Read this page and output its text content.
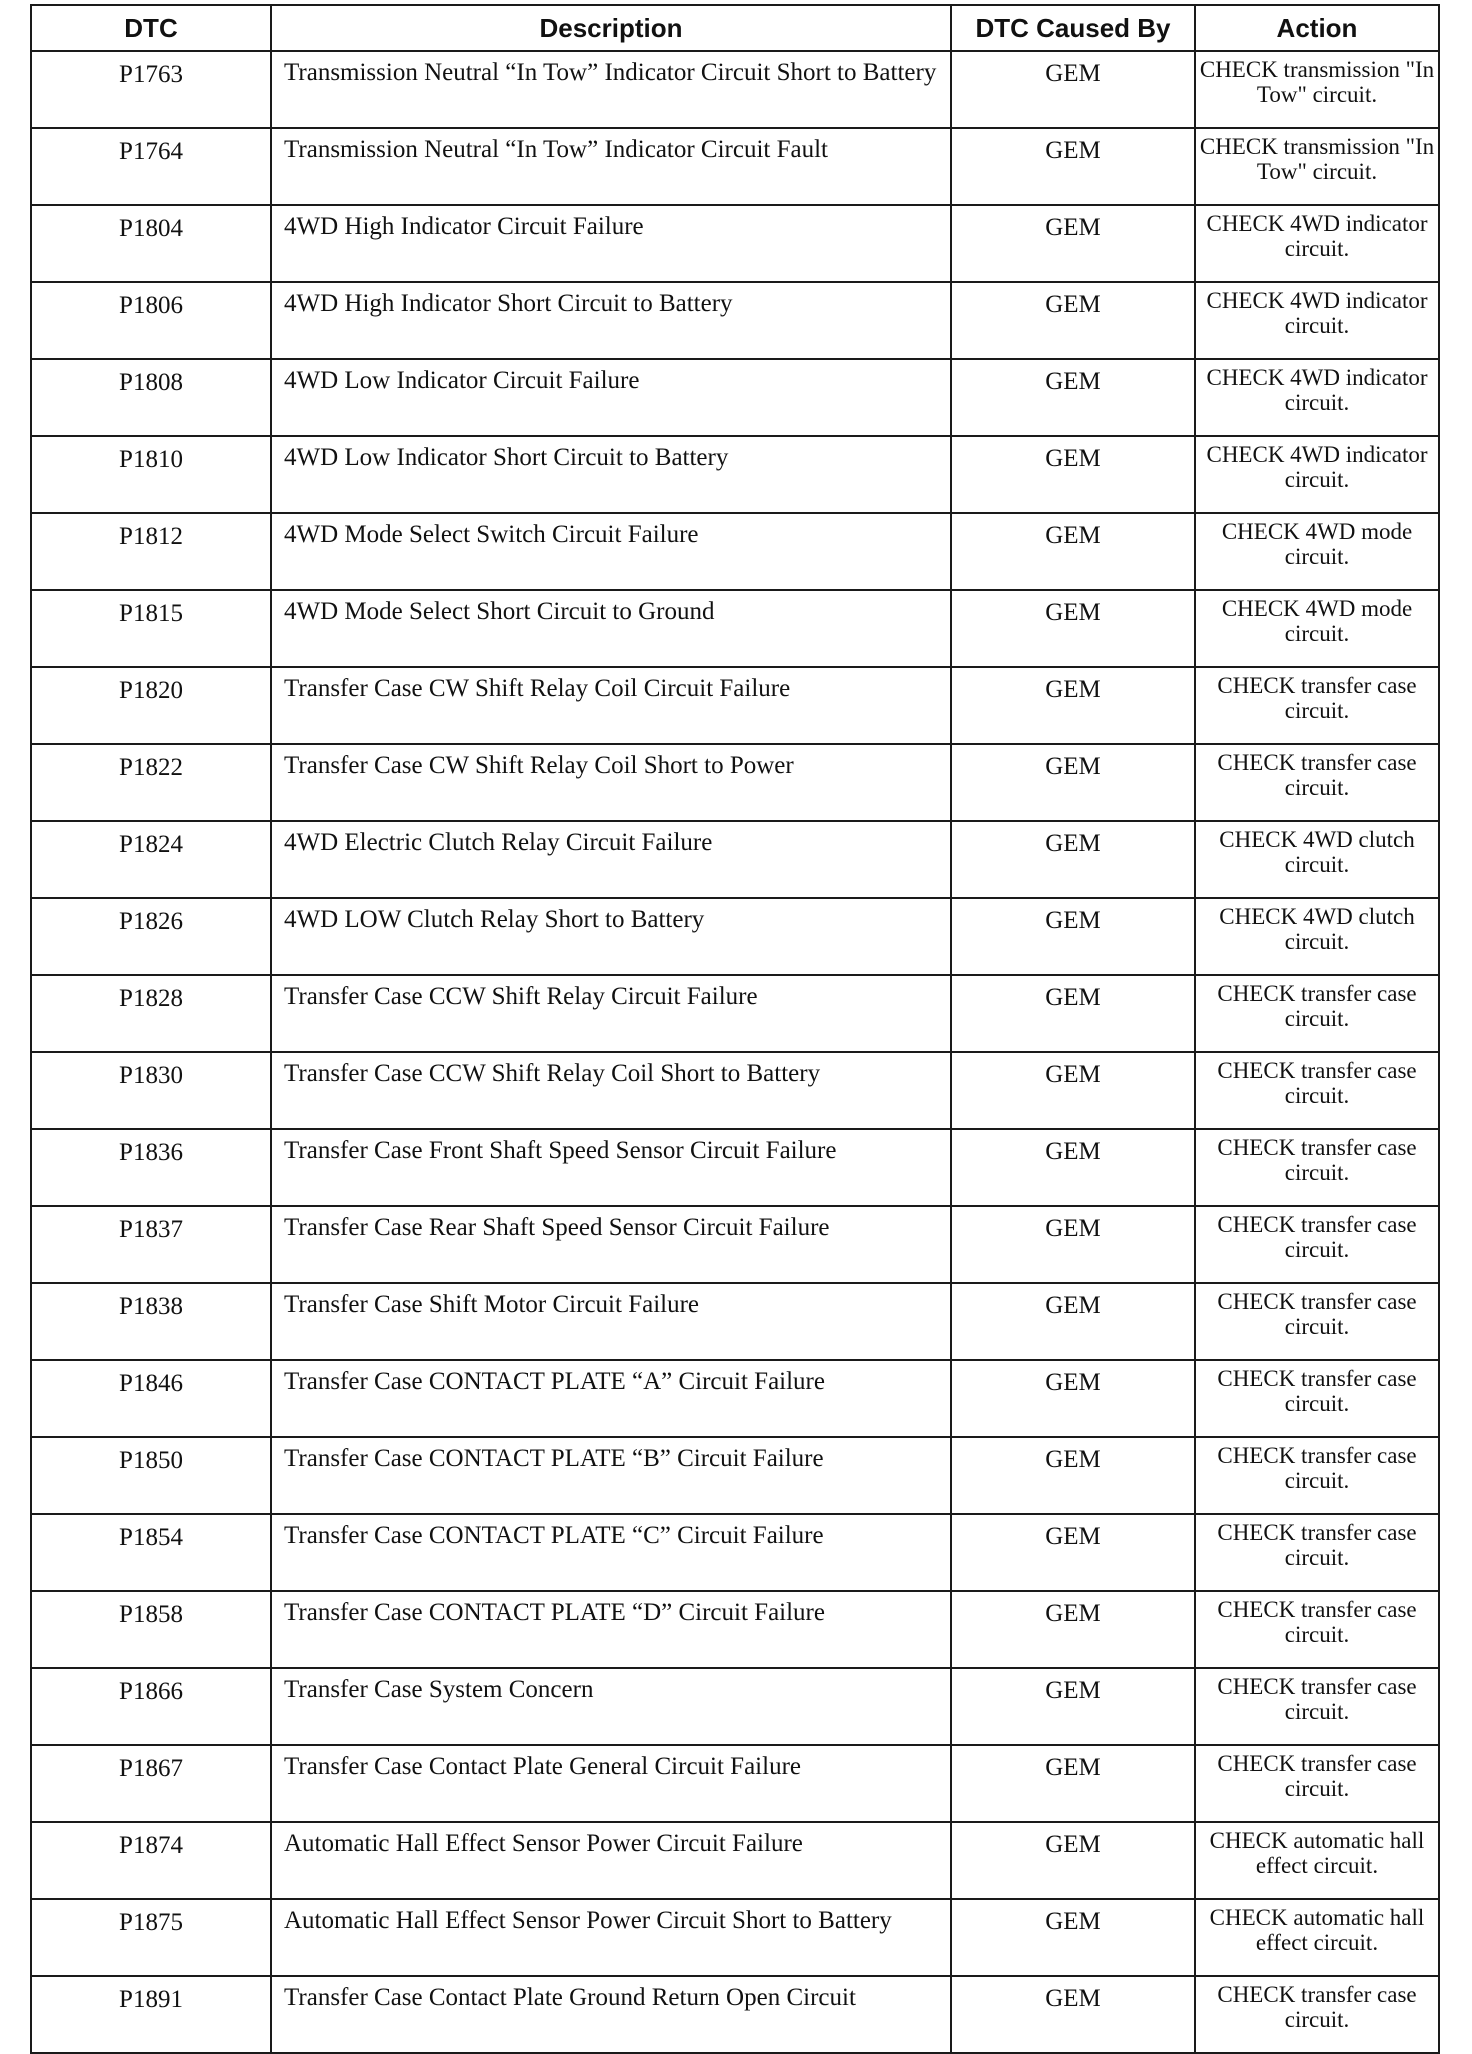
DTC	Description	DTC Caused By	Action
P1763	Transmission Neutral “In Tow” Indicator Circuit Short to Battery	GEM	CHECK transmission "In Tow" circuit.
P1764	Transmission Neutral “In Tow” Indicator Circuit Fault	GEM	CHECK transmission "In Tow" circuit.
P1804	4WD High Indicator Circuit Failure	GEM	CHECK 4WD indicator circuit.
P1806	4WD High Indicator Short Circuit to Battery	GEM	CHECK 4WD indicator circuit.
P1808	4WD Low Indicator Circuit Failure	GEM	CHECK 4WD indicator circuit.
P1810	4WD Low Indicator Short Circuit to Battery	GEM	CHECK 4WD indicator circuit.
P1812	4WD Mode Select Switch Circuit Failure	GEM	CHECK 4WD mode circuit.
P1815	4WD Mode Select Short Circuit to Ground	GEM	CHECK 4WD mode circuit.
P1820	Transfer Case CW Shift Relay Coil Circuit Failure	GEM	CHECK transfer case circuit.
P1822	Transfer Case CW Shift Relay Coil Short to Power	GEM	CHECK transfer case circuit.
P1824	4WD Electric Clutch Relay Circuit Failure	GEM	CHECK 4WD clutch circuit.
P1826	4WD LOW Clutch Relay Short to Battery	GEM	CHECK 4WD clutch circuit.
P1828	Transfer Case CCW Shift Relay Circuit Failure	GEM	CHECK transfer case circuit.
P1830	Transfer Case CCW Shift Relay Coil Short to Battery	GEM	CHECK transfer case circuit.
P1836	Transfer Case Front Shaft Speed Sensor Circuit Failure	GEM	CHECK transfer case circuit.
P1837	Transfer Case Rear Shaft Speed Sensor Circuit Failure	GEM	CHECK transfer case circuit.
P1838	Transfer Case Shift Motor Circuit Failure	GEM	CHECK transfer case circuit.
P1846	Transfer Case CONTACT PLATE “A” Circuit Failure	GEM	CHECK transfer case circuit.
P1850	Transfer Case CONTACT PLATE “B” Circuit Failure	GEM	CHECK transfer case circuit.
P1854	Transfer Case CONTACT PLATE “C” Circuit Failure	GEM	CHECK transfer case circuit.
P1858	Transfer Case CONTACT PLATE “D” Circuit Failure	GEM	CHECK transfer case circuit.
P1866	Transfer Case System Concern	GEM	CHECK transfer case circuit.
P1867	Transfer Case Contact Plate General Circuit Failure	GEM	CHECK transfer case circuit.
P1874	Automatic Hall Effect Sensor Power Circuit Failure	GEM	CHECK automatic hall effect circuit.
P1875	Automatic Hall Effect Sensor Power Circuit Short to Battery	GEM	CHECK automatic hall effect circuit.
P1891	Transfer Case Contact Plate Ground Return Open Circuit	GEM	CHECK transfer case circuit.
